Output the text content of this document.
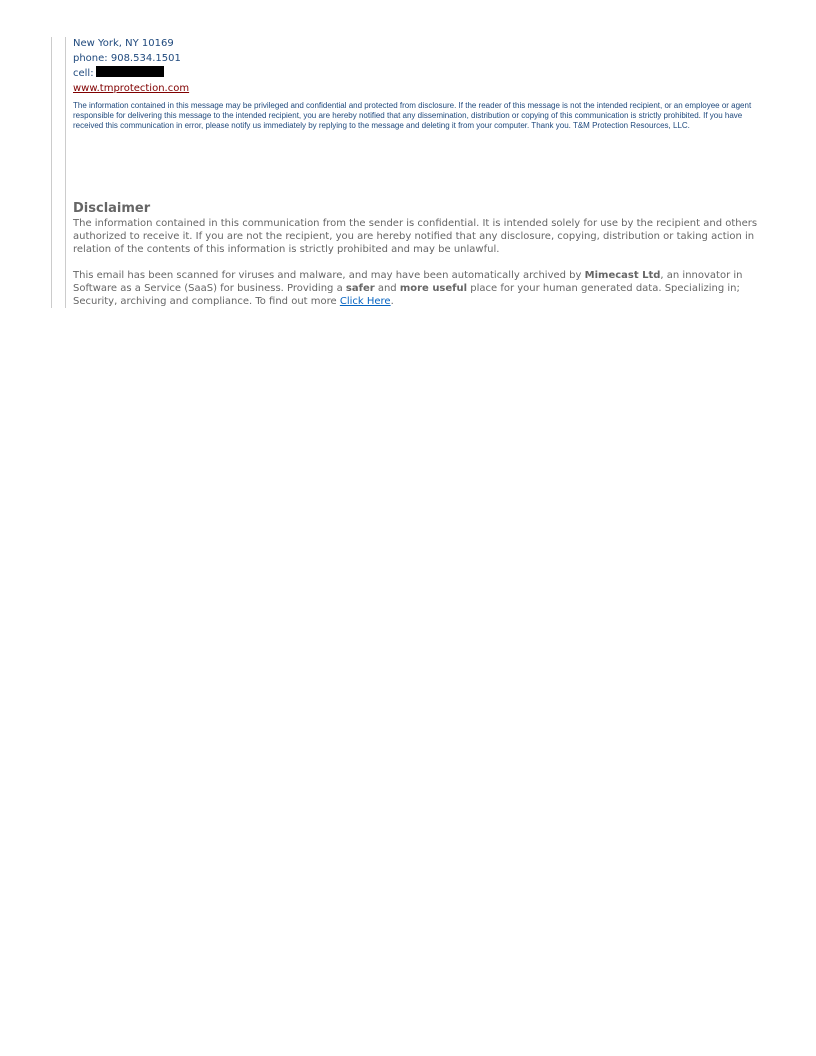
New York, NY 10169
phone: 908.534.1501
cell:
www.tmprotection.com
The information contained in this message may be privileged and confidential and protected from disclosure. If the reader of this message is not the intended recipient, or an employee or agent responsible for delivering this message to the intended recipient, you are hereby notified that any dissemination, distribution or copying of this communication is strictly prohibited. If you have received this communication in error, please notify us immediately by replying to the message and deleting it from your computer. Thank you. T&M Protection Resources, LLC.
Disclaimer

The information contained in this communication from the sender is confidential. It is intended solely for use by the recipient and others authorized to receive it. If you are not the recipient, you are hereby notified that any disclosure, copying, distribution or taking action in relation of the contents of this information is strictly prohibited and may be unlawful.

This email has been scanned for viruses and malware, and may have been automatically archived by Mimecast Ltd, an innovator in Software as a Service (SaaS) for business. Providing a safer and more useful place for your human generated data. Specializing in; Security, archiving and compliance. To find out more Click Here.
